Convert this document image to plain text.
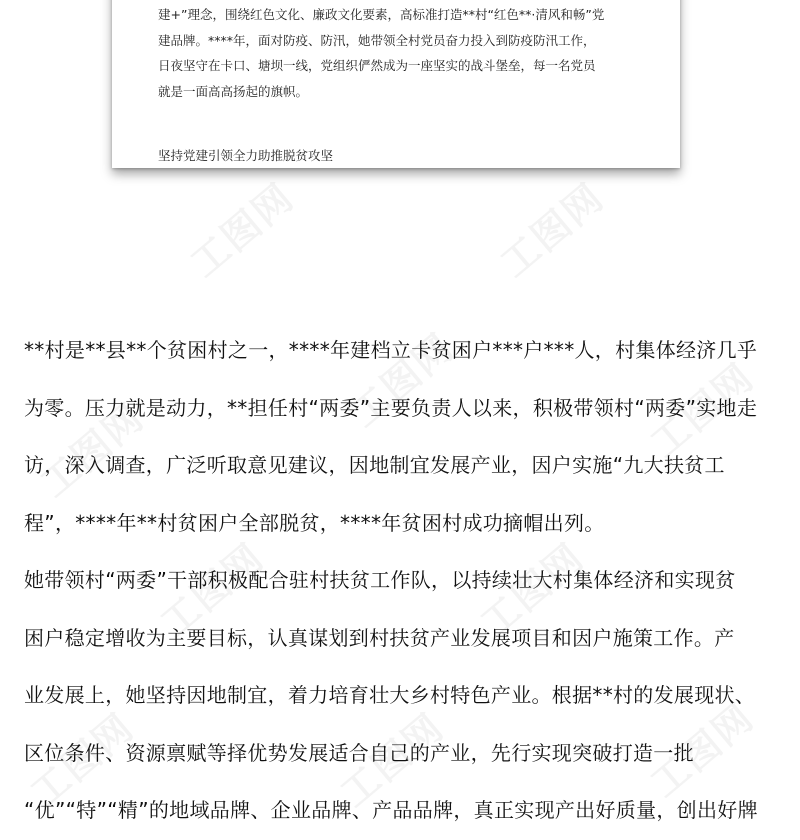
工图网	工图网
工图网
工图网	工图网
工图网	工图网
工图网	工图网	工图网

建+”理念，围绕红色文化、廉政文化要素，高标准打造**村“红色**·清风和畅”党

建品牌。****年，面对防疫、防汛，她带领全村党员奋力投入到防疫防汛工作，

日夜坚守在卡口、塘坝一线，党组织俨然成为一座坚实的战斗堡垒，每一名党员

就是一面高高扬起的旗帜。

坚持党建引领全力助推脱贫攻坚

**村是**县**个贫困村之一，****年建档立卡贫困户***户***人，村集体经济几乎
为零。压力就是动力，**担任村“两委”主要负责人以来，积极带领村“两委”实地走
访，深入调查，广泛听取意见建议，因地制宜发展产业，因户实施“九大扶贫工
程”，****年**村贫困户全部脱贫，****年贫困村成功摘帽出列。
她带领村“两委”干部积极配合驻村扶贫工作队，以持续壮大村集体经济和实现贫
困户稳定增收为主要目标，认真谋划到村扶贫产业发展项目和因户施策工作。产
业发展上，她坚持因地制宜，着力培育壮大乡村特色产业。根据**村的发展现状、
区位条件、资源禀赋等择优势发展适合自己的产业，先行实现突破打造一批
“优”“特”“精”的地域品牌、企业品牌、产品品牌，真正实现产出好质量，创出好牌
